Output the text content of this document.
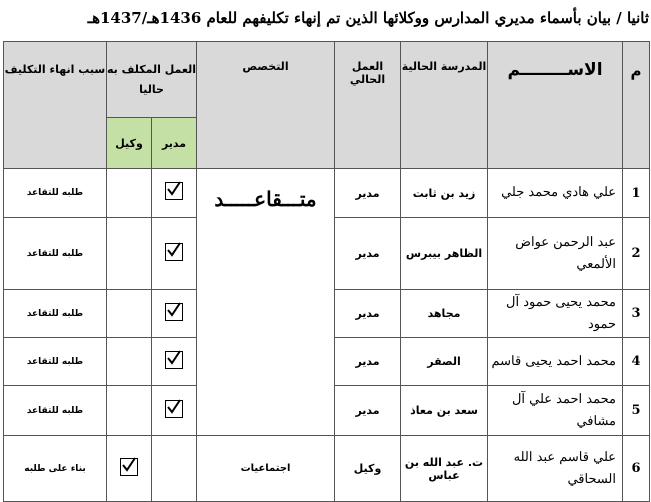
ثانيا / بيان بأسماء مديري المدارس ووكلائها الذين تم إنهاء تكليفهم للعام 1436هـ/1437هـ
م	الاســــــــم	المدرسة الحالية	العمل الحالي	التخصص	العمل المكلف به حاليا		سبب انهاء التكليف
					مدير	وكيل	
1	علي هادي محمد جلي	زيد بن ثابت	مدير	متـــقاعـــــد			طلبه للتقاعد
2	عبد الرحمن عواض الألمعي	الظاهر بيبرس	مدير				طلبه للتقاعد
3	محمد يحيى حمود آل حمود	مجاهد	مدير				طلبه للتقاعد
4	محمد احمد يحيى قاسم	الصقر	مدير				طلبه للتقاعد
5	محمد احمد علي آل مشافي	سعد بن معاذ	مدير				طلبه للتقاعد
6	علي قاسم عبد الله السحاقي	ت. عبد الله بن عباس	وكيل	اجتماعيات			بناء على طلبه
